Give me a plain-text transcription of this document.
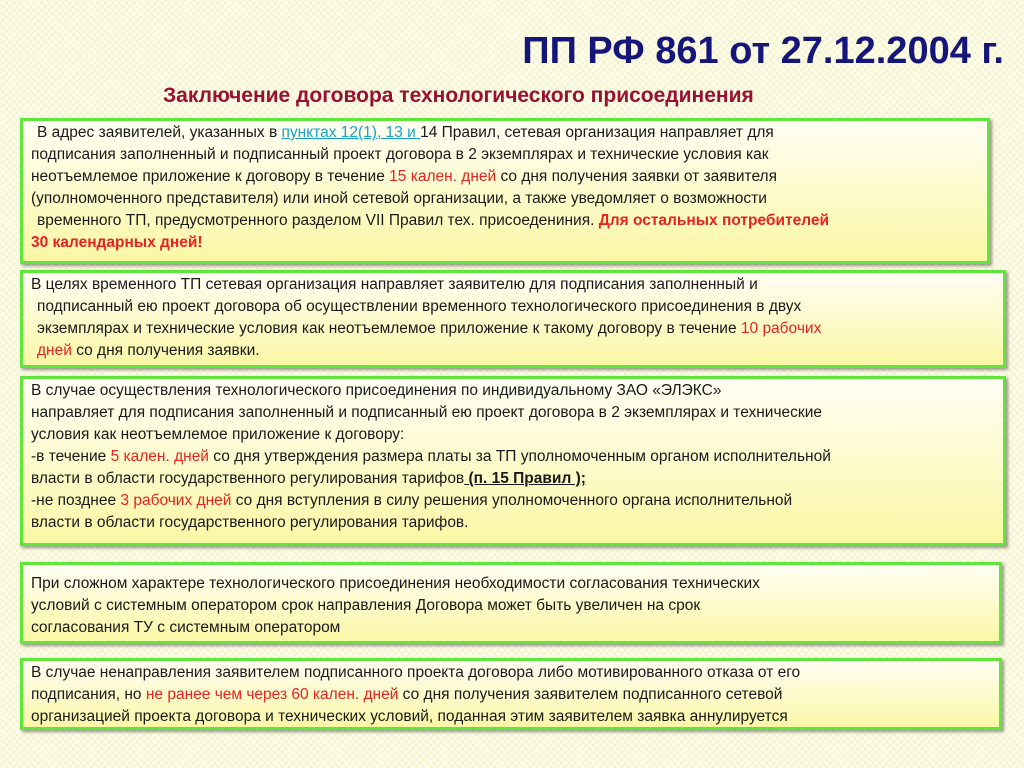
ПП РФ 861 от 27.12.2004 г.
Заключение договора технологического присоединения
В адрес заявителей, указанных в пунктах 12(1), 13 и 14 Правил, сетевая организация направляет для
подписания заполненный и подписанный проект договора в 2 экземплярах и технические условия как
неотъемлемое приложение к договору в течение 15 кален. дней со дня получения заявки от заявителя
(уполномоченного представителя) или иной сетевой организации, а также уведомляет о возможности
временного ТП, предусмотренного разделом VII Правил тех. присоедениния. Для остальных потребителей
30 календарных дней!
В целях временного ТП сетевая организация направляет заявителю для подписания заполненный и
подписанный ею проект договора об осуществлении временного технологического присоединения в двух
экземплярах и технические условия как неотъемлемое приложение к такому договору в течение 10 рабочих
дней со дня получения заявки.
В случае осуществления технологического присоединения по индивидуальному ЗАО «ЭЛЭКС»
направляет для подписания заполненный и подписанный ею проект договора в 2 экземплярах и технические
условия как неотъемлемое приложение к договору:
-в течение 5 кален. дней со дня утверждения размера платы за ТП уполномоченным органом исполнительной
власти в области государственного регулирования тарифов (п. 15 Правил );
-не позднее 3 рабочих дней со дня вступления в силу решения уполномоченного органа исполнительной
власти в области государственного регулирования тарифов.
При сложном характере технологического присоединения необходимости согласования технических
условий с системным оператором срок направления Договора может быть увеличен на срок
согласования ТУ с системным оператором
В случае ненаправления заявителем подписанного проекта договора либо мотивированного отказа от его
подписания, но не ранее чем через 60 кален. дней со дня получения заявителем подписанного сетевой
организацией проекта договора и технических условий, поданная этим заявителем заявка аннулируется
